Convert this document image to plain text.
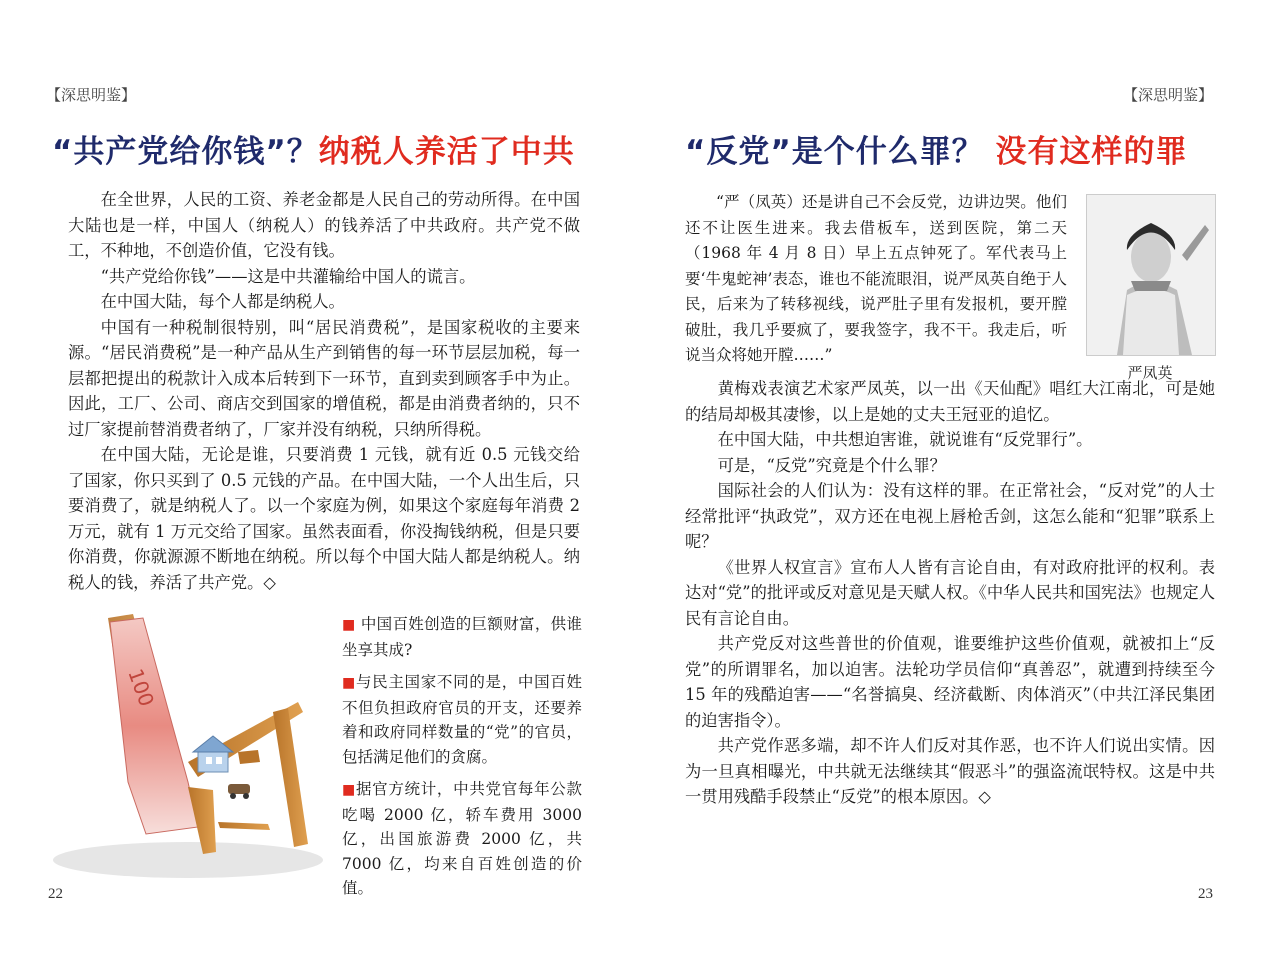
【深思明鉴】
“共产党给你钱”？纳税人养活了中共

在全世界，人民的工资、养老金都是人民自己的劳动所得。在中国大陆也是一样，中国人（纳税人）的钱养活了中共政府。共产党不做工，不种地，不创造价值，它没有钱。

“共产党给你钱”——这是中共灌输给中国人的谎言。

在中国大陆，每个人都是纳税人。

中国有一种税制很特别，叫“居民消费税”，是国家税收的主要来源。“居民消费税”是一种产品从生产到销售的每一环节层层加税，每一层都把提出的税款计入成本后转到下一环节，直到卖到顾客手中为止。因此，工厂、公司、商店交到国家的增值税，都是由消费者纳的，只不过厂家提前替消费者纳了，厂家并没有纳税，只纳所得税。

在中国大陆，无论是谁，只要消费 1 元钱，就有近 0.5 元钱交给了国家，你只买到了 0.5 元钱的产品。在中国大陆，一个人出生后，只要消费了，就是纳税人了。以一个家庭为例，如果这个家庭每年消费 2 万元，就有 1 万元交给了国家。虽然表面看，你没掏钱纳税，但是只要你消费，你就源源不断地在纳税。所以每个中国大陆人都是纳税人。纳税人的钱，养活了共产党。◇

100

■ 中国百姓创造的巨额财富，供谁坐享其成?

■与民主国家不同的是，中国百姓不但负担政府官员的开支，还要养着和政府同样数量的“党”的官员，包括满足他们的贪腐。

■据官方统计，中共党官每年公款吃喝 2000 亿，轿车费用 3000 亿，出国旅游费 2000 亿，共 7000 亿，均来自百姓创造的价值。

22
【深思明鉴】
“反党”是个什么罪？ 没有这样的罪

“严（凤英）还是讲自己不会反党，边讲边哭。他们还不让医生进来。我去借板车，送到医院，第二天（1968 年 4 月 8 日）早上五点钟死了。军代表马上要‘牛鬼蛇神’表态，谁也不能流眼泪，说严凤英自绝于人民，后来为了转移视线，说严肚子里有发报机，要开膛破肚，我几乎要疯了，要我签字，我不干。我走后，听说当众将她开膛……”

严凤英

黄梅戏表演艺术家严凤英，以一出《天仙配》唱红大江南北，可是她的结局却极其凄惨，以上是她的丈夫王冠亚的追忆。

在中国大陆，中共想迫害谁，就说谁有“反党罪行”。

可是，“反党”究竟是个什么罪？

国际社会的人们认为：没有这样的罪。在正常社会，“反对党”的人士经常批评“执政党”，双方还在电视上唇枪舌剑，这怎么能和“犯罪”联系上呢？

《世界人权宣言》宣布人人皆有言论自由，有对政府批评的权利。表达对“党”的批评或反对意见是天赋人权。《中华人民共和国宪法》也规定人民有言论自由。

共产党反对这些普世的价值观，谁要维护这些价值观，就被扣上“反党”的所谓罪名，加以迫害。法轮功学员信仰“真善忍”，就遭到持续至今 15 年的残酷迫害——“名誉搞臭、经济截断、肉体消灭”（中共江泽民集团的迫害指令）。

共产党作恶多端，却不许人们反对其作恶，也不许人们说出实情。因为一旦真相曝光，中共就无法继续其“假恶斗”的强盗流氓特权。这是中共一贯用残酷手段禁止“反党”的根本原因。◇

23
